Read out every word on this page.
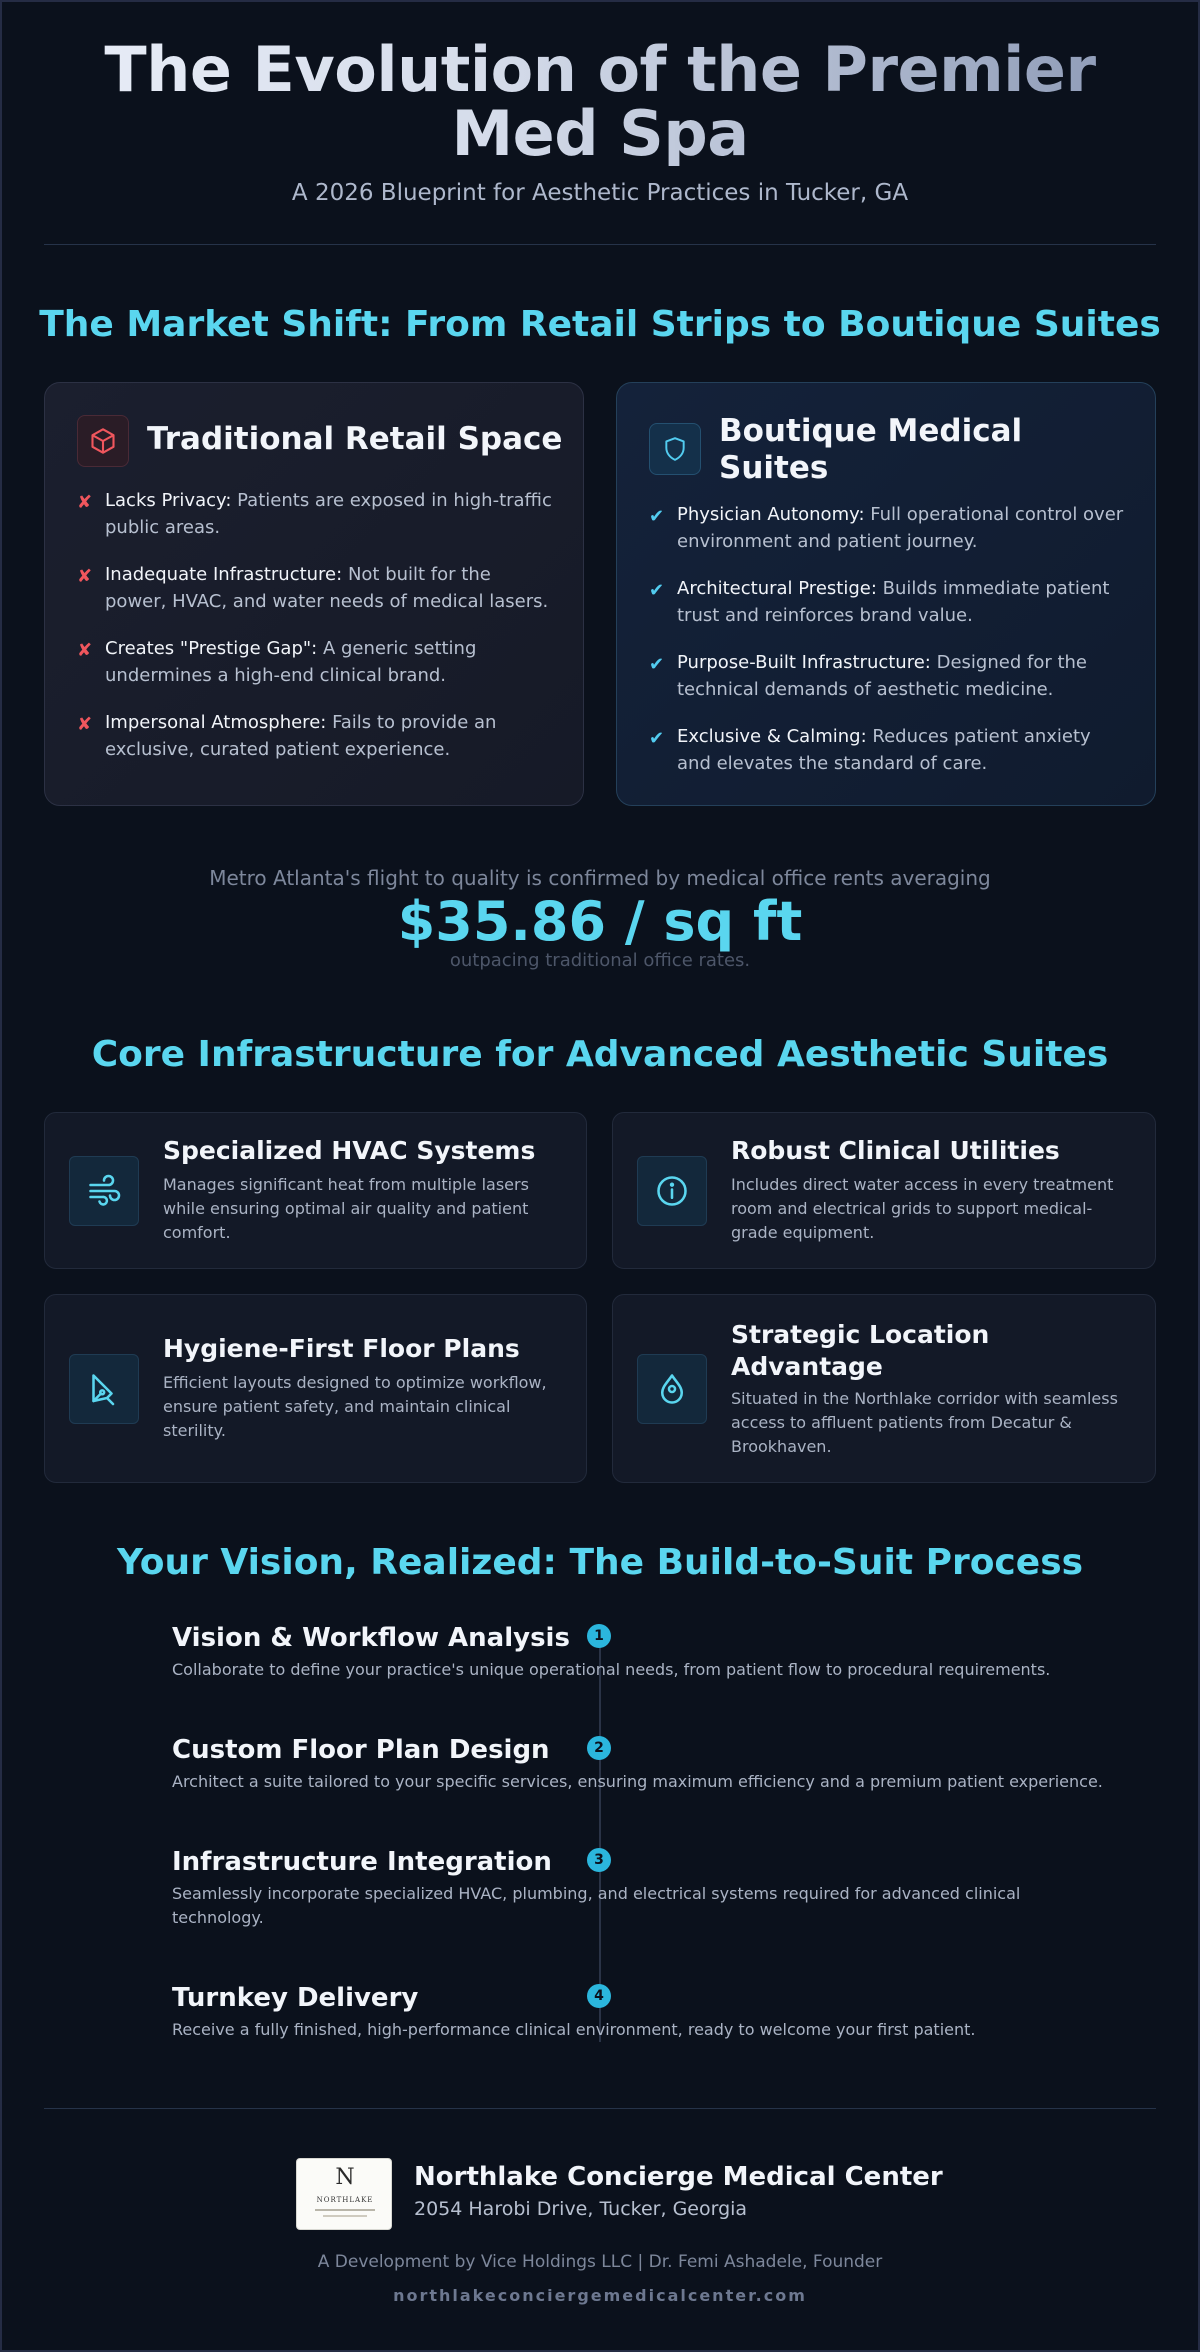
The Evolution of the Premier Med Spa
A 2026 Blueprint for Aesthetic Practices in Tucker, GA
The Market Shift: From Retail Strips to Boutique Suites
Traditional Retail Space
✘ Lacks Privacy: Patients are exposed in high-traffic public areas.
✘ Inadequate Infrastructure: Not built for the power, HVAC, and water needs of medical lasers.
✘ Creates "Prestige Gap": A generic setting undermines a high-end clinical brand.
✘ Impersonal Atmosphere: Fails to provide an exclusive, curated patient experience.
Boutique Medical Suites
✔ Physician Autonomy: Full operational control over environment and patient journey.
✔ Architectural Prestige: Builds immediate patient trust and reinforces brand value.
✔ Purpose-Built Infrastructure: Designed for the technical demands of aesthetic medicine.
✔ Exclusive & Calming: Reduces patient anxiety and elevates the standard of care.
Metro Atlanta's flight to quality is confirmed by medical office rents averaging
$35.86 / sq ft
outpacing traditional office rates.
Core Infrastructure for Advanced Aesthetic Suites
Specialized HVAC Systems
Manages significant heat from multiple lasers while ensuring optimal air quality and patient comfort.
Robust Clinical Utilities
Includes direct water access in every treatment room and electrical grids to support medical-grade equipment.
Hygiene-First Floor Plans
Efficient layouts designed to optimize workflow, ensure patient safety, and maintain clinical sterility.
Strategic Location Advantage
Situated in the Northlake corridor with seamless access to affluent patients from Decatur & Brookhaven.
Your Vision, Realized: The Build-to-Suit Process
Vision & Workflow Analysis	1
Collaborate to define your practice's unique operational needs, from patient flow to procedural requirements.
Custom Floor Plan Design	2
Architect a suite tailored to your specific services, ensuring maximum efficiency and a premium patient experience.
Infrastructure Integration	3
Seamlessly incorporate specialized HVAC, plumbing, and electrical systems required for advanced clinical technology.
Turnkey Delivery	4
Receive a fully finished, high-performance clinical environment, ready to welcome your first patient.
N
NORTHLAKE
Northlake Concierge Medical Center
2054 Harobi Drive, Tucker, Georgia
A Development by Vice Holdings LLC | Dr. Femi Ashadele, Founder
northlakeconciergemedicalcenter.com
